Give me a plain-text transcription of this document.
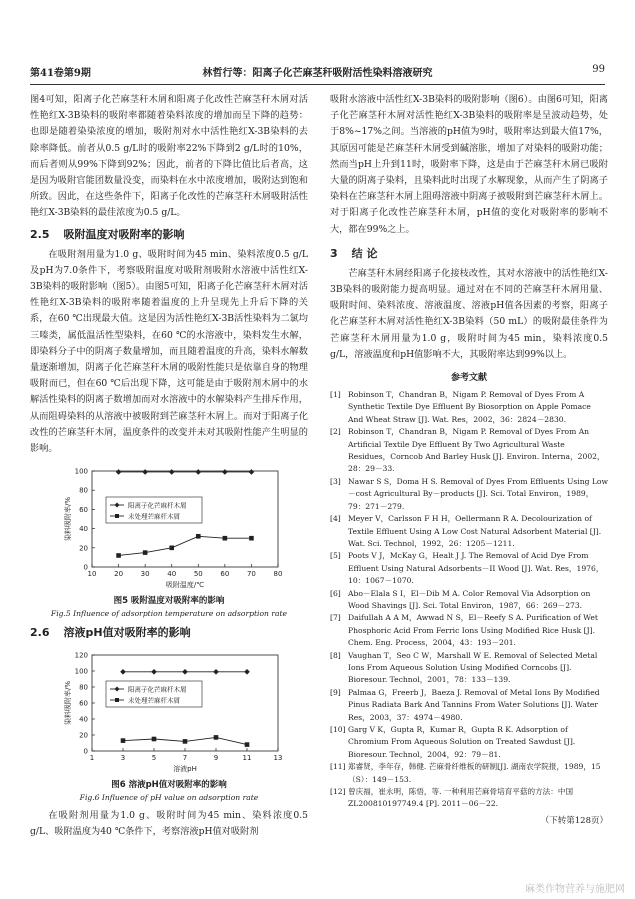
第41卷第9期	林哲行等：阳离子化芒麻茎秆吸附活性染料溶液研究	99

图4可知，阳离子化芒麻茎秆木屑和阳离子化改性芒麻茎秆木屑对活性艳红X-3B染料的吸附率都随着染料浓度的增加而呈下降的趋势：也即是随着染染浓度的增加，吸附剂对水中活性艳红X-3B染料的去除率降低。前者从0.5 g/L时的吸附率22%下降到2 g/L时的10%，而后者则从99%下降到92%；因此，前者的下降比值比后者高，这是因为吸附官能团数量没变，而染料在水中浓度增加，吸附达到饱和所致。因此，在这些条件下，阳离子化改性的芒麻茎秆木屑吸附活性艳红X-3B染料的最佳浓度为0.5 g/L。

2.5 吸附温度对吸附率的影响

在吸附剂用量为1.0 g、吸附时间为45 min、染料浓度0.5 g/L及pH为7.0条件下，考察吸附温度对吸附剂吸附水溶液中活性红X-3B染料的吸附影响（图5）。由图5可知，阳离子化芒麻茎秆木屑对活性艳红X-3B染料的吸附率随着温度的上升呈现先上升后下降的关系，在60 ℃出现最大值。这是因为活性艳红X-3B活性染料为二氯均三嗪类，属低温活性型染料，在60 ℃的水溶液中，染料发生水解，即染料分子中的阴离子数量增加，而且随着温度的升高，染料水解数量逐渐增加，阴离子化芒麻茎秆木屑的吸附性能只是依靠自身的物理吸附而已，但在60 ℃后出现下降，这可能是由于吸附剂木屑中的水解活性染料的阴离子数增加而对水溶液中的水解染料产生排斥作用，从而阻碍染料的从溶液中被吸附到芒麻茎秆木屑上。而对于阳离子化改性的芒麻茎秆木屑，温度条件的改变并未对其吸附性能产生明显的影响。

0
20
40
60
80
100
10	20	30	40	50	60	70	80
吸附温度/℃
染料吸附率/%	阳离子化芒麻杆木屑
未处理芒麻杆木屑
图5 吸附温度对吸附率的影响
Fig.5 Influence of adsorption temperature on adsorption rate
2.6 溶液pH值对吸附率的影响
0
20
40
60
80
100
120
1	3	5	7	9	11	13
溶液pH
染料吸附率/%	阳离子化芒麻杆木屑
未处理芒麻杆木屑
图6 溶液pH值对吸附率的影响
Fig.6 Influence of pH value on adsorption rate

在吸附剂用量为1.0 g、吸附时间为45 min、染料浓度0.5 g/L、吸附温度为40 ℃条件下，考察溶液pH值对吸附剂

吸附水溶液中活性红X-3B染料的吸附影响（图6）。由图6可知，阳离子化芒麻茎秆木屑对活性艳红X-3B染料的吸附率是呈波动趋势，处于8%~17%之间。当溶液的pH值为9时，吸附率达到最大值17%，其原因可能是芒麻茎秆木屑受到碱溶胀，增加了对染料的吸附功能；然而当pH上升到11时，吸附率下降，这是由于芒麻茎秆木屑已吸附大量的阴离子染料，且染料此时出现了水解现象，从而产生了阴离子染料在芒麻茎秆木屑上阻碍溶液中阴离子被吸附到芒麻茎秆木屑上。对于阳离子化改性芒麻茎秆木屑，pH值的变化对吸附率的影响不大，都在99%之上。

3 结 论

芒麻茎秆木屑经阳离子化接枝改性，其对水溶液中的活性艳红X-3B染料的吸附能力提高明显。通过对在不同的芒麻茎秆木屑用量、吸附时间、染料浓度、溶液温度、溶液pH值各因素的考察，阳离子化芒麻茎秆木屑对活性艳红X-3B染料（50 mL）的吸附最佳条件为芒麻茎秆木屑用量为1.0 g，吸附时间为45 min，染料浓度0.5 g/L，溶液温度和pH值影响不大，其吸附率达到99%以上。

参考文献
[1] Robinson T，Chandran B，Nigam P. Removal of Dyes From A Synthetic Textile Dye Effluent By Biosorption on Apple Pomace And Wheat Straw [J]. Wat. Res，2002，36：2824－2830.
[2] Robinson T，Chandran B，Nigam P. Removal of Dyes From An Artificial Textile Dye Effluent By Two Agricultural Waste Residues，Corncob And Barley Husk [J]. Environ. Interna，2002，28：29－33.
[3] Nawar S S，Doma H S. Removal of Dyes From Effluents Using Low－cost Agricultural By－products [J]. Sci. Total Environ，1989，79：271－279.
[4] Meyer V，Carlsson F H H，Oellermann R A. Decolourization of Textile Effluent Using A Low Cost Natural Adsorbent Material [J]. Wat. Sci. Technol，1992，26：1205－1211.
[5] Poots V J，McKay G，Healt J J. The Removal of Acid Dye From Effluent Using Natural Adsorbents－II Wood [J]. Wat. Res，1976，10：1067－1070.
[6] Abo－Elala S I，El－Dib M A. Color Removal Via Adsorption on Wood Shavings [J]. Sci. Total Environ，1987，66：269－273.
[7] Daifullah A A M，Awwad N S，El－Reefy S A. Purification of Wet Phosphoric Acid From Ferric Ions Using Modified Rice Husk [J]. Chem. Eng. Process，2004，43：193－201.
[8] Vaughan T，Seo C W，Marshall W E. Removal of Selected Metal Ions From Aqueous Solution Using Modified Corncobs [J]. Bioresour. Technol，2001，78：133－139.
[9] Palmaa G，Freerb J，Baeza J. Removal of Metal Ions By Modified Pinus Radiata Bark And Tannins From Water Solutions [J]. Water Res，2003，37：4974－4980.
[10] Garg V K，Gupta R，Kumar R，Gupta R K. Adsorption of Chromium From Aqueous Solution on Treated Sawdust [J]. Bioresour. Technol，2004，92：79－81.
[11] 郑睿贤，李年存，韩健. 芒麻骨纤维板的研制[J]. 湖南农学院报，1989，15（S）：149－153.
[12] 曾庆福，崔永明，陈悟，等. 一种利用芒麻骨培育平菇的方法：中国ZL200810197749.4 [P]. 2011－06－22.
（下转第128页）
麻类作物营养与施肥网
